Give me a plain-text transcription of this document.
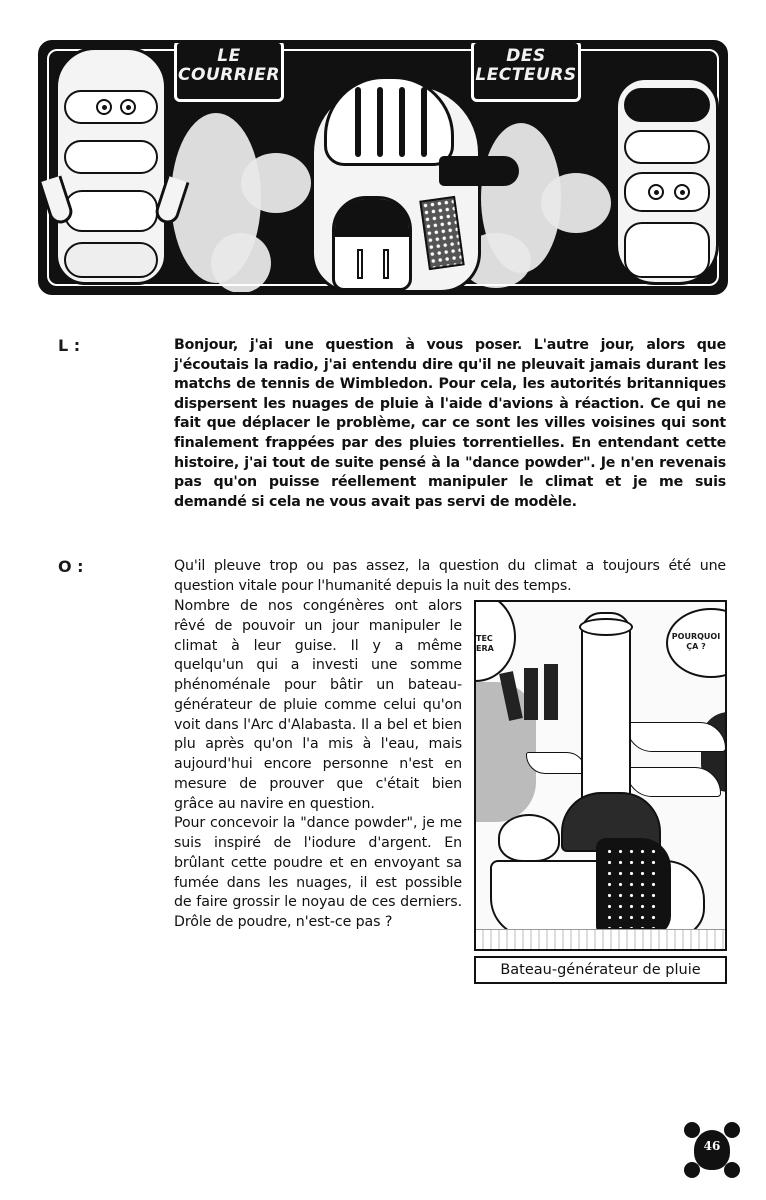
LE
COURRIER
DES
LECTEURS
L :	Bonjour, j'ai une question à vous poser. L'autre jour, alors que j'écoutais la radio, j'ai entendu dire qu'il ne pleuvait jamais durant les matchs de tennis de Wimbledon. Pour cela, les autorités britanniques dispersent les nuages de pluie à l'aide d'avions à réaction. Ce qui ne fait que déplacer le problème, car ce sont les villes voisines qui sont finalement frappées par des pluies torrentielles. En entendant cette histoire, j'ai tout de suite pensé à la "dance powder". Je n'en revenais pas qu'on puisse réellement manipuler le climat et je me suis demandé si cela ne vous avait pas servi de modèle.
O :	Qu'il pleuve trop ou pas assez, la question du climat a toujours été une question vitale pour l'humanité depuis la nuit des temps.

Nombre de nos congénères ont alors rêvé de pouvoir un jour manipuler le climat à leur guise. Il y a même quelqu'un qui a investi une somme phénoménale pour bâtir un bateau-générateur de pluie comme celui qu'on voit dans l'Arc d'Alabasta. Il a bel et bien plu après qu'on l'a mis à l'eau, mais aujourd'hui encore personne n'est en mesure de prouver que c'était bien grâce au navire en question.

Pour concevoir la "dance powder", je me suis inspiré de l'iodure d'argent. En brûlant cette poudre et en envoyant sa fumée dans les nuages, il est possible de faire grossir le noyau de ces derniers. Drôle de poudre, n'est-ce pas ?

TEC
ERA
POURQUOI
ÇA ?
Bateau-générateur de pluie
46
